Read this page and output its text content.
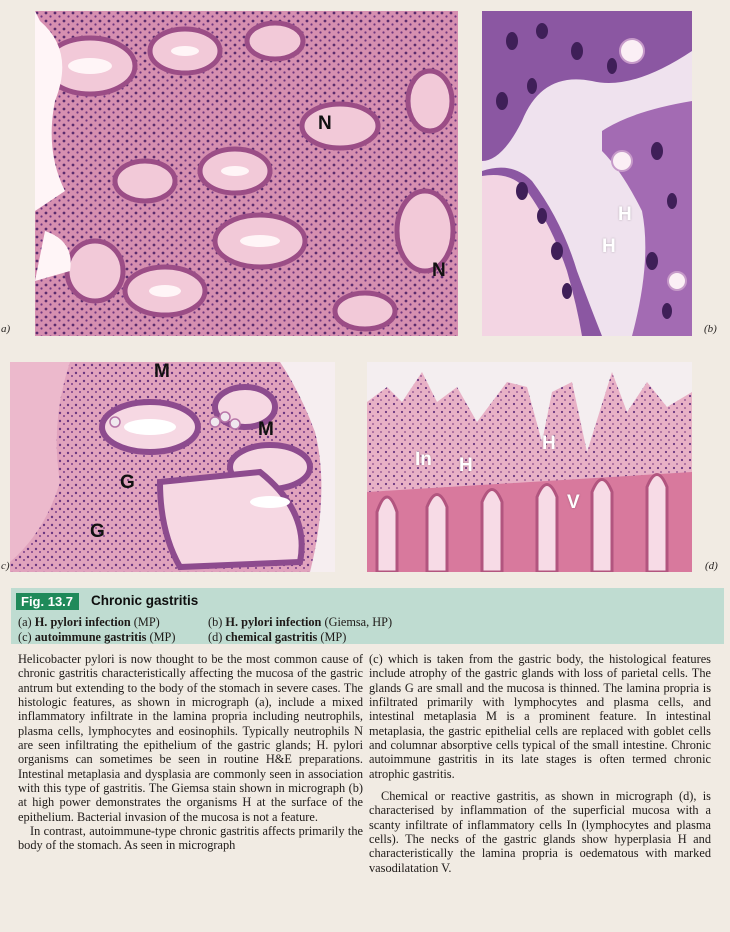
N
N
a)
H
H
(b)
M
M
G
G
c)
In H
H
V
(d)
Fig. 13.7	Chronic gastritis
(a) H. pylori infection (MP)	(b) H. pylori infection (Giemsa, HP)
(c) autoimmune gastritis (MP)	(d) chemical gastritis (MP)

Helicobacter pylori is now thought to be the most common cause of chronic gastritis characteristically affecting the mucosa of the gastric antrum but extending to the body of the stomach in severe cases. The histologic features, as shown in micrograph (a), include a mixed inflammatory infiltrate in the lamina propria including neutrophils, plasma cells, lymphocytes and eosinophils. Typically neutrophils N are seen infiltrating the epithelium of the gastric glands; H. pylori organisms can sometimes be seen in routine H&E preparations. Intestinal metaplasia and dysplasia are commonly seen in association with this type of gastritis. The Giemsa stain shown in micrograph (b) at high power demonstrates the organisms H at the surface of the epithelium. Bacterial invasion of the mucosa is not a feature.

In contrast, autoimmune-type chronic gastritis affects primarily the body of the stomach. As seen in micrograph

(c) which is taken from the gastric body, the histological features include atrophy of the gastric glands with loss of parietal cells. The glands G are small and the mucosa is thinned. The lamina propria is infiltrated primarily with lymphocytes and plasma cells, and intestinal metaplasia M is a prominent feature. In intestinal metaplasia, the gastric epithelial cells are replaced with goblet cells and columnar absorptive cells typical of the small intestine. Chronic autoimmune gastritis in its late stages is often termed chronic atrophic gastritis.

Chemical or reactive gastritis, as shown in micrograph (d), is characterised by inflammation of the superficial mucosa with a scanty infiltrate of inflammatory cells In (lymphocytes and plasma cells). The necks of the gastric glands show hyperplasia H and characteristically the lamina propria is oedematous with marked vasodilatation V.
